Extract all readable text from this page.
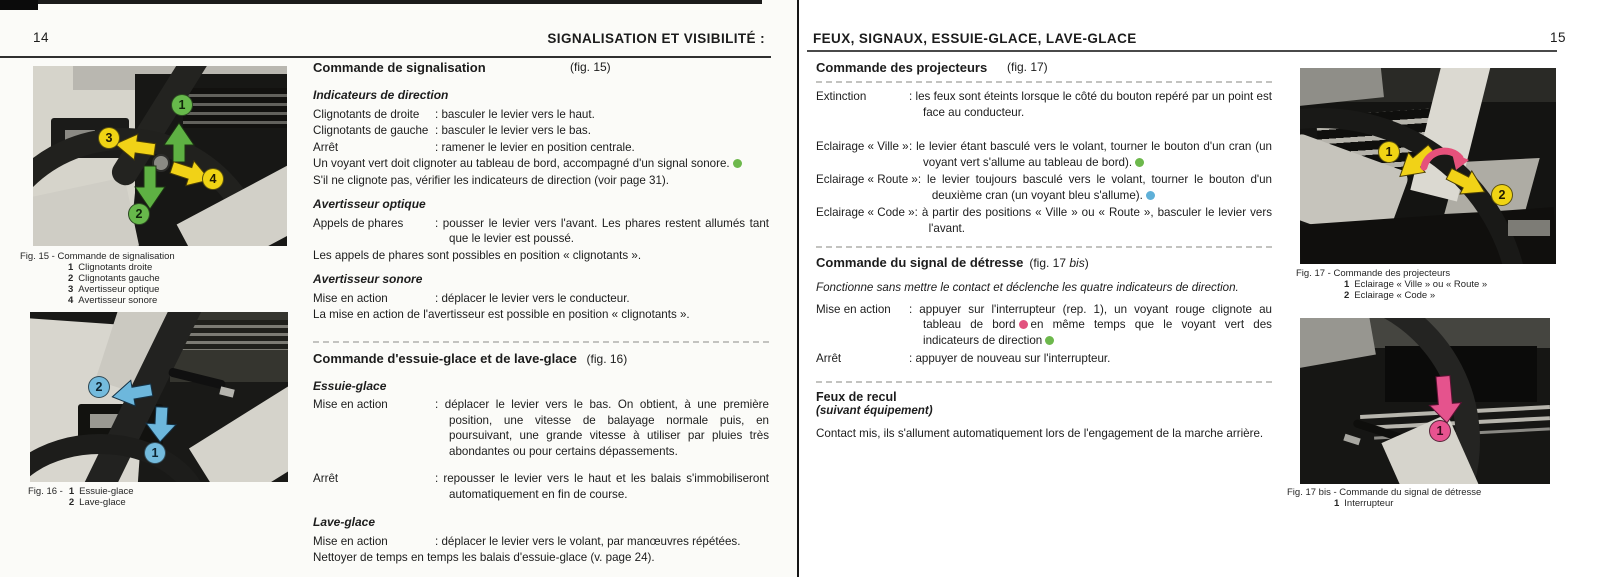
14	SIGNALISATION ET VISIBILITÉ :
1
2
3
4
Fig. 15 - Commande de signalisation
1 Clignotants droite
2 Clignotants gauche
3 Avertisseur optique
4 Avertisseur sonore
2
1
Fig. 16 - 1 Essuie-glace
2 Lave-glace
Commande de signalisation	(fig. 15)
Indicateurs de direction
Clignotants de droite	: basculer le levier vers le haut.
Clignotants de gauche	: basculer le levier vers le bas.
Arrêt	: ramener le levier en position centrale.
Un voyant vert doit clignoter au tableau de bord, accompagné d'un signal sonore.
S'il ne clignote pas, vérifier les indicateurs de direction (voir page 31).
Avertisseur optique
Appels de phares	: pousser le levier vers l'avant. Les phares restent allumés tant que le levier est poussé.
Les appels de phares sont possibles en position « clignotants ».
Avertisseur sonore
Mise en action	: déplacer le levier vers le conducteur.
La mise en action de l'avertisseur est possible en position « clignotants ».
Commande d'essuie-glace et de lave-glace (fig. 16)
Essuie-glace
Mise en action	: déplacer le levier vers le bas. On obtient, à une première position, une vitesse de balayage normale puis, en poursuivant, une grande vitesse à utiliser par pluies très abondantes ou pour certains dépassements.
Arrêt	: repousser le levier vers le haut et les balais s'immobiliseront automatiquement en fin de course.
Lave-glace
Mise en action	: déplacer le levier vers le volant, par manœuvres répétées.
Nettoyer de temps en temps les balais d'essuie-glace (v. page 24).
FEUX, SIGNAUX, ESSUIE-GLACE, LAVE-GLACE	15
Commande des projecteurs (fig. 17)
Extinction	: les feux sont éteints lorsque le côté du bouton repéré par un point est face au conducteur.
Eclairage « Ville » : le levier étant basculé vers le volant, tourner le bouton d'un cran (un voyant vert s'allume au tableau de bord).
Eclairage « Route » : le levier toujours basculé vers le volant, tourner le bouton d'un deuxième cran (un voyant bleu s'allume).
Eclairage « Code » : à partir des positions « Ville » ou « Route », basculer le levier vers l'avant.
Commande du signal de détresse (fig. 17 bis)
Fonctionne sans mettre le contact et déclenche les quatre indicateurs de direction.
Mise en action	: appuyer sur l'interrupteur (rep. 1), un voyant rouge clignote au tableau de bord en même temps que le voyant vert des indicateurs de direction
Arrêt	: appuyer de nouveau sur l'interrupteur.
Feux de recul
(suivant équipement)
Contact mis, ils s'allument automatiquement lors de l'engagement de la marche arrière.
1
2
Fig. 17 - Commande des projecteurs
1 Eclairage « Ville » ou « Route »
2 Eclairage « Code »
1
Fig. 17 bis - Commande du signal de détresse
1 Interrupteur
